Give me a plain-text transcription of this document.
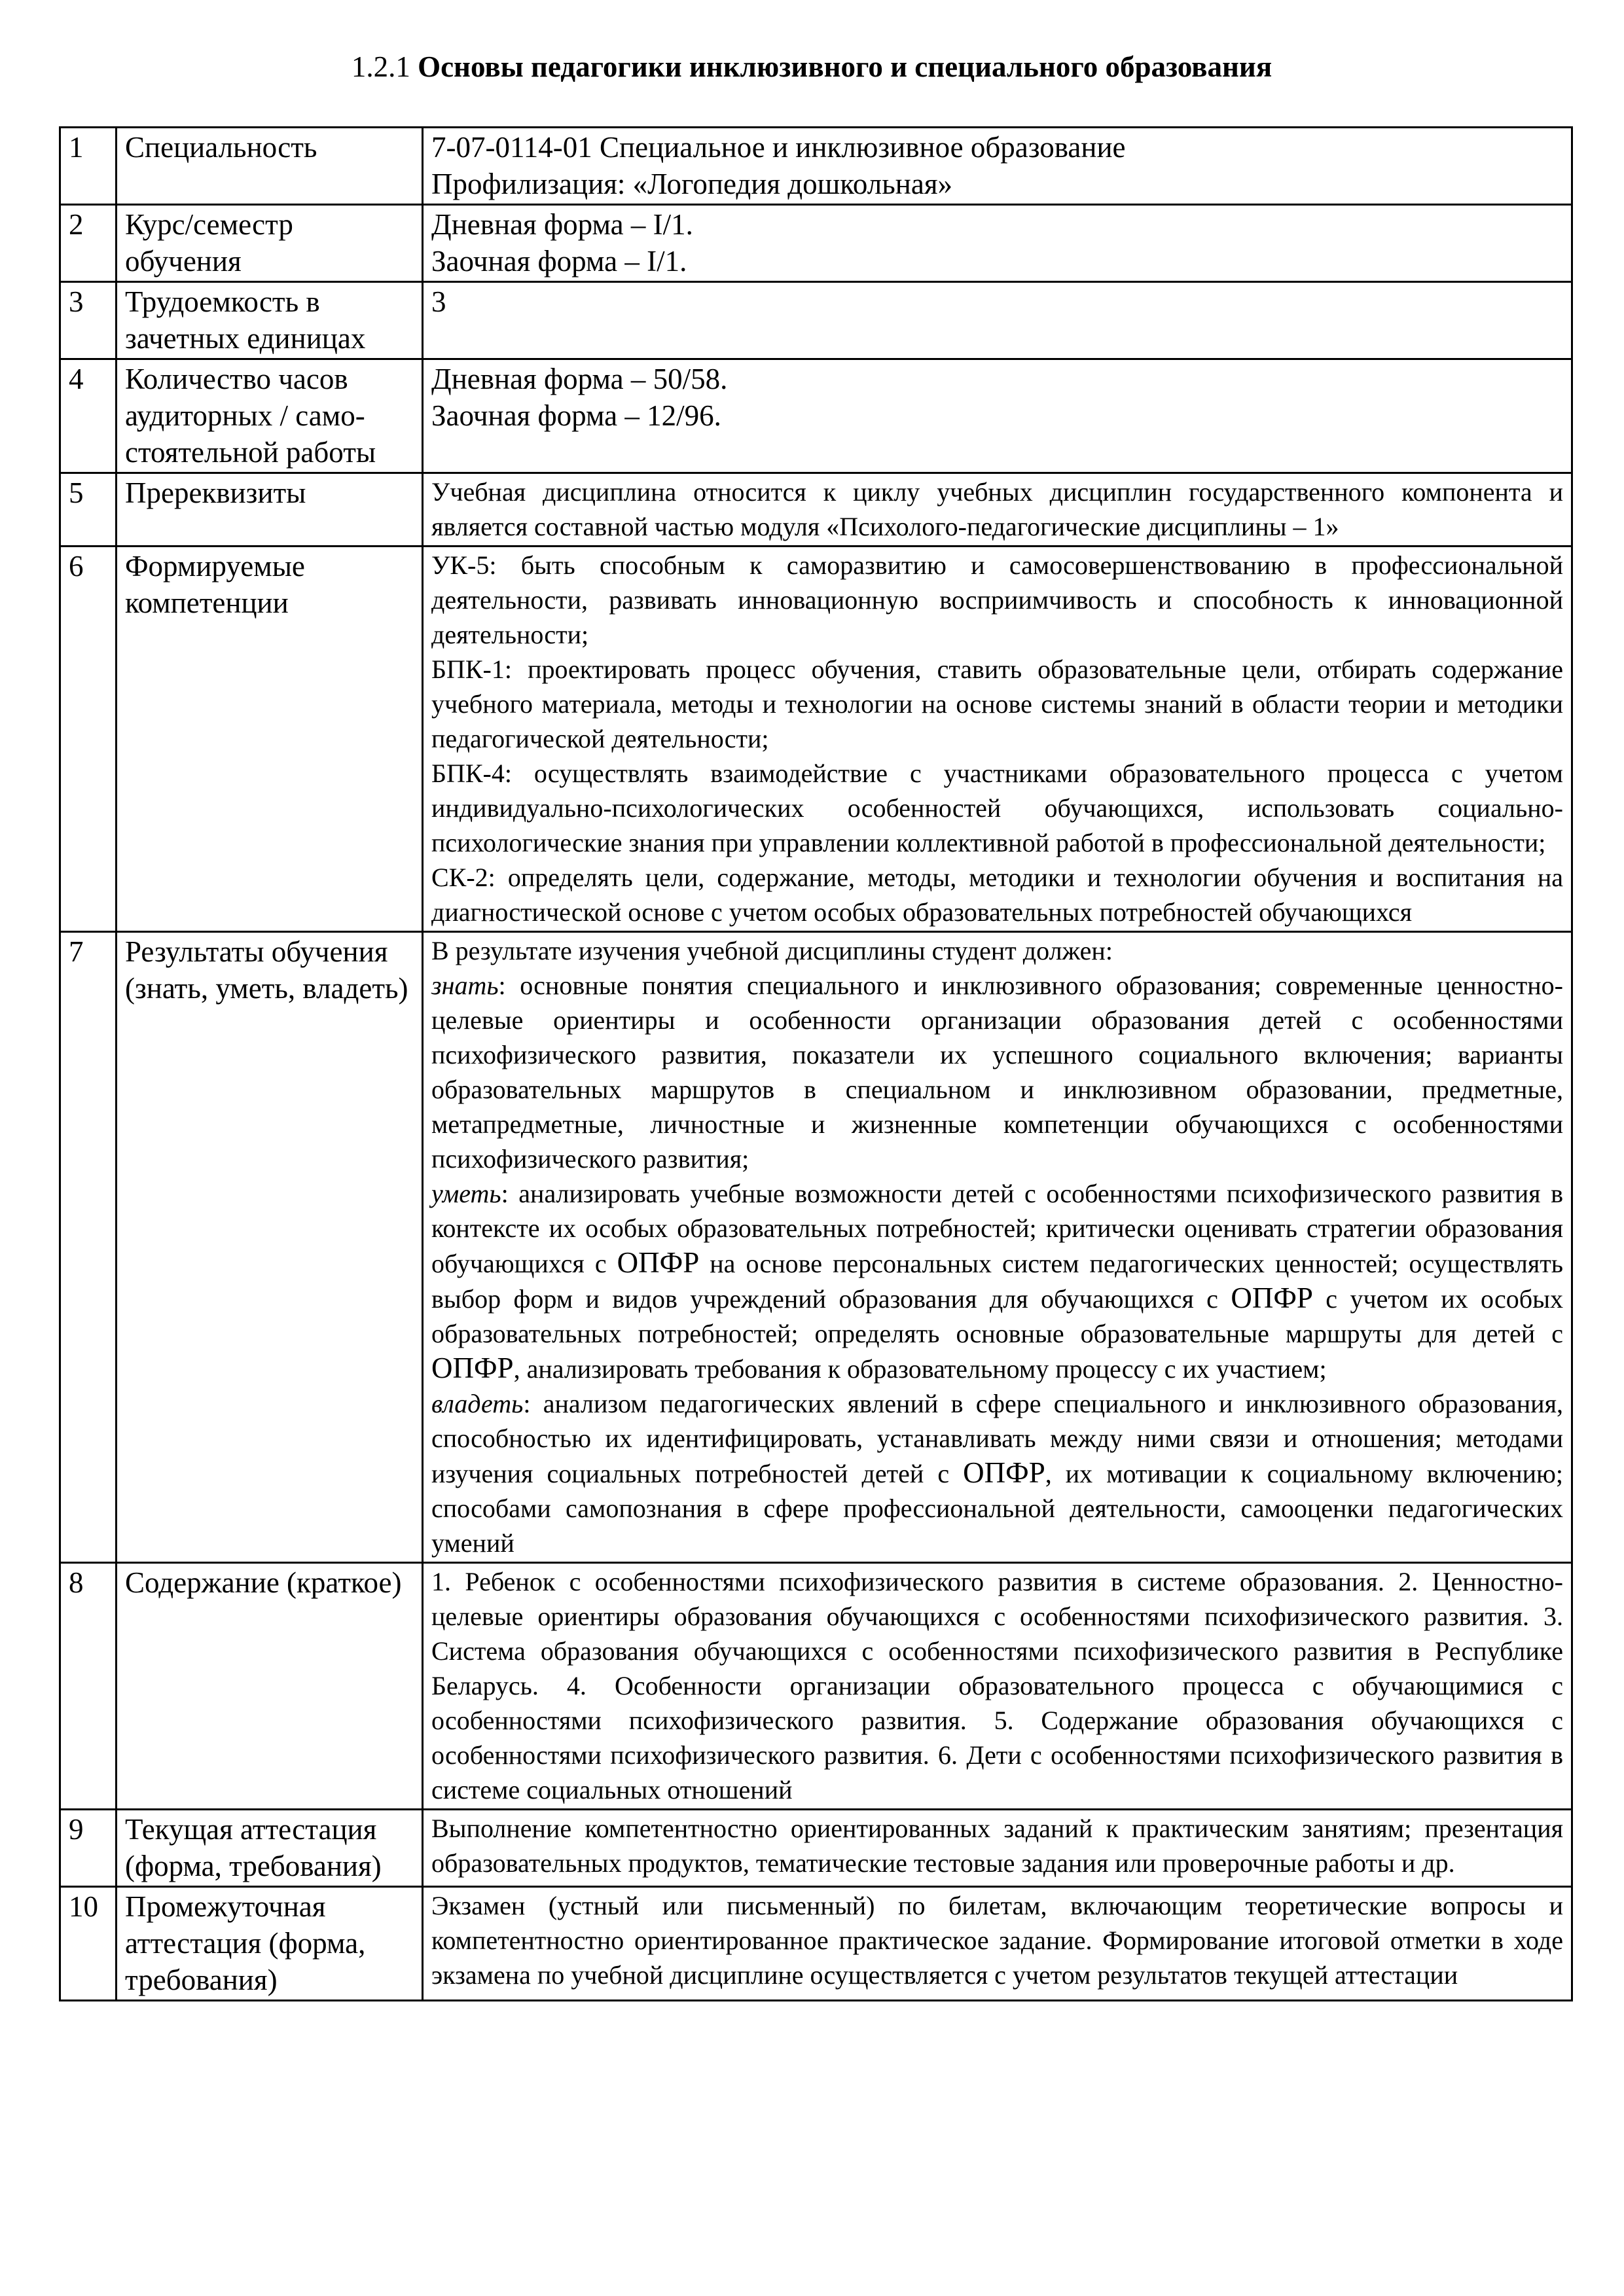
1.2.1 Основы педагогики инклюзивного и специального образования
1	Специальность	7-07-0114-01 Специальное и инклюзивное образование
Профилизация: «Логопедия дошкольная»

2	Курс/семестр обучения	Дневная форма – I/1.
Заочная форма – I/1.

3	Трудоемкость в зачетных единицах	3

4	Количество часов аудиторных / само-стоятельной работы	Дневная форма – 50/58.
Заочная форма – 12/96.

5	Пререквизиты	Учебная дисциплина относится к циклу учебных дисциплин государственного компонента и является составной частью модуля «Психолого-педагогические дисциплины – 1»
6	Формируемые компетенции	УК-5: быть способным к саморазвитию и самосовершенствованию в профессиональной деятельности, развивать инновационную восприимчивость и способность к инновационной деятельности;
БПК-1: проектировать процесс обучения, ставить образовательные цели, отбирать содержание учебного материала, методы и технологии на основе системы знаний в области теории и методики педагогической деятельности;
БПК-4: осуществлять взаимодействие с участниками образовательного процесса с учетом индивидуально-психологических особенностей обучающихся, использовать социально-психологические знания при управлении коллективной работой в профессиональной деятельности;
СК-2: определять цели, содержание, методы, методики и технологии обучения и воспитания на диагностической основе с учетом особых образовательных потребностей обучающихся

7	Результаты обучения (знать, уметь, владеть)	В результате изучения учебной дисциплины студент должен:
знать: основные понятия специального и инклюзивного образования; современные ценностно-целевые ориентиры и особенности организации образования детей с особенностями психофизического развития, показатели их успешного социального включения; варианты образовательных маршрутов в специальном и инклюзивном образовании, предметные, метапредметные, личностные и жизненные компетенции обучающихся с особенностями психофизического развития;
уметь: анализировать учебные возможности детей с особенностями психофизического развития в контексте их особых образовательных потребностей; критически оценивать стратегии образования обучающихся с ОПФР на основе персональных систем педагогических ценностей; осуществлять выбор форм и видов учреждений образования для обучающихся с ОПФР с учетом их особых образовательных потребностей; определять основные образовательные маршруты для детей с ОПФР, анализировать требования к образовательному процессу с их участием;
владеть: анализом педагогических явлений в сфере специального и инклюзивного образования, способностью их идентифицировать, устанавливать между ними связи и отношения; методами изучения социальных потребностей детей с ОПФР, их мотивации к социальному включению; способами самопознания в сфере профессиональной деятельности, самооценки педагогических умений

8	Содержание (краткое)	1. Ребенок с особенностями психофизического развития в системе образования. 2. Ценностно-целевые ориентиры образования обучающихся с особенностями психофизического развития. 3. Система образования обучающихся с особенностями психофизического развития в Республике Беларусь. 4. Особенности организации образовательного процесса с обучающимися с особенностями психофизического развития. 5. Содержание образования обучающихся с особенностями психофизического развития. 6. Дети с особенностями психофизического развития в системе социальных отношений
9	Текущая аттестация (форма, требования)	Выполнение компетентностно ориентированных заданий к практическим занятиям; презентация образовательных продуктов, тематические тестовые задания или проверочные работы и др.
10	Промежуточная аттестация (форма, требования)	Экзамен (устный или письменный) по билетам, включающим теоретические вопросы и компетентностно ориентированное практическое задание. Формирование итоговой отметки в ходе экзамена по учебной дисциплине осуществляется с учетом результатов текущей аттестации
